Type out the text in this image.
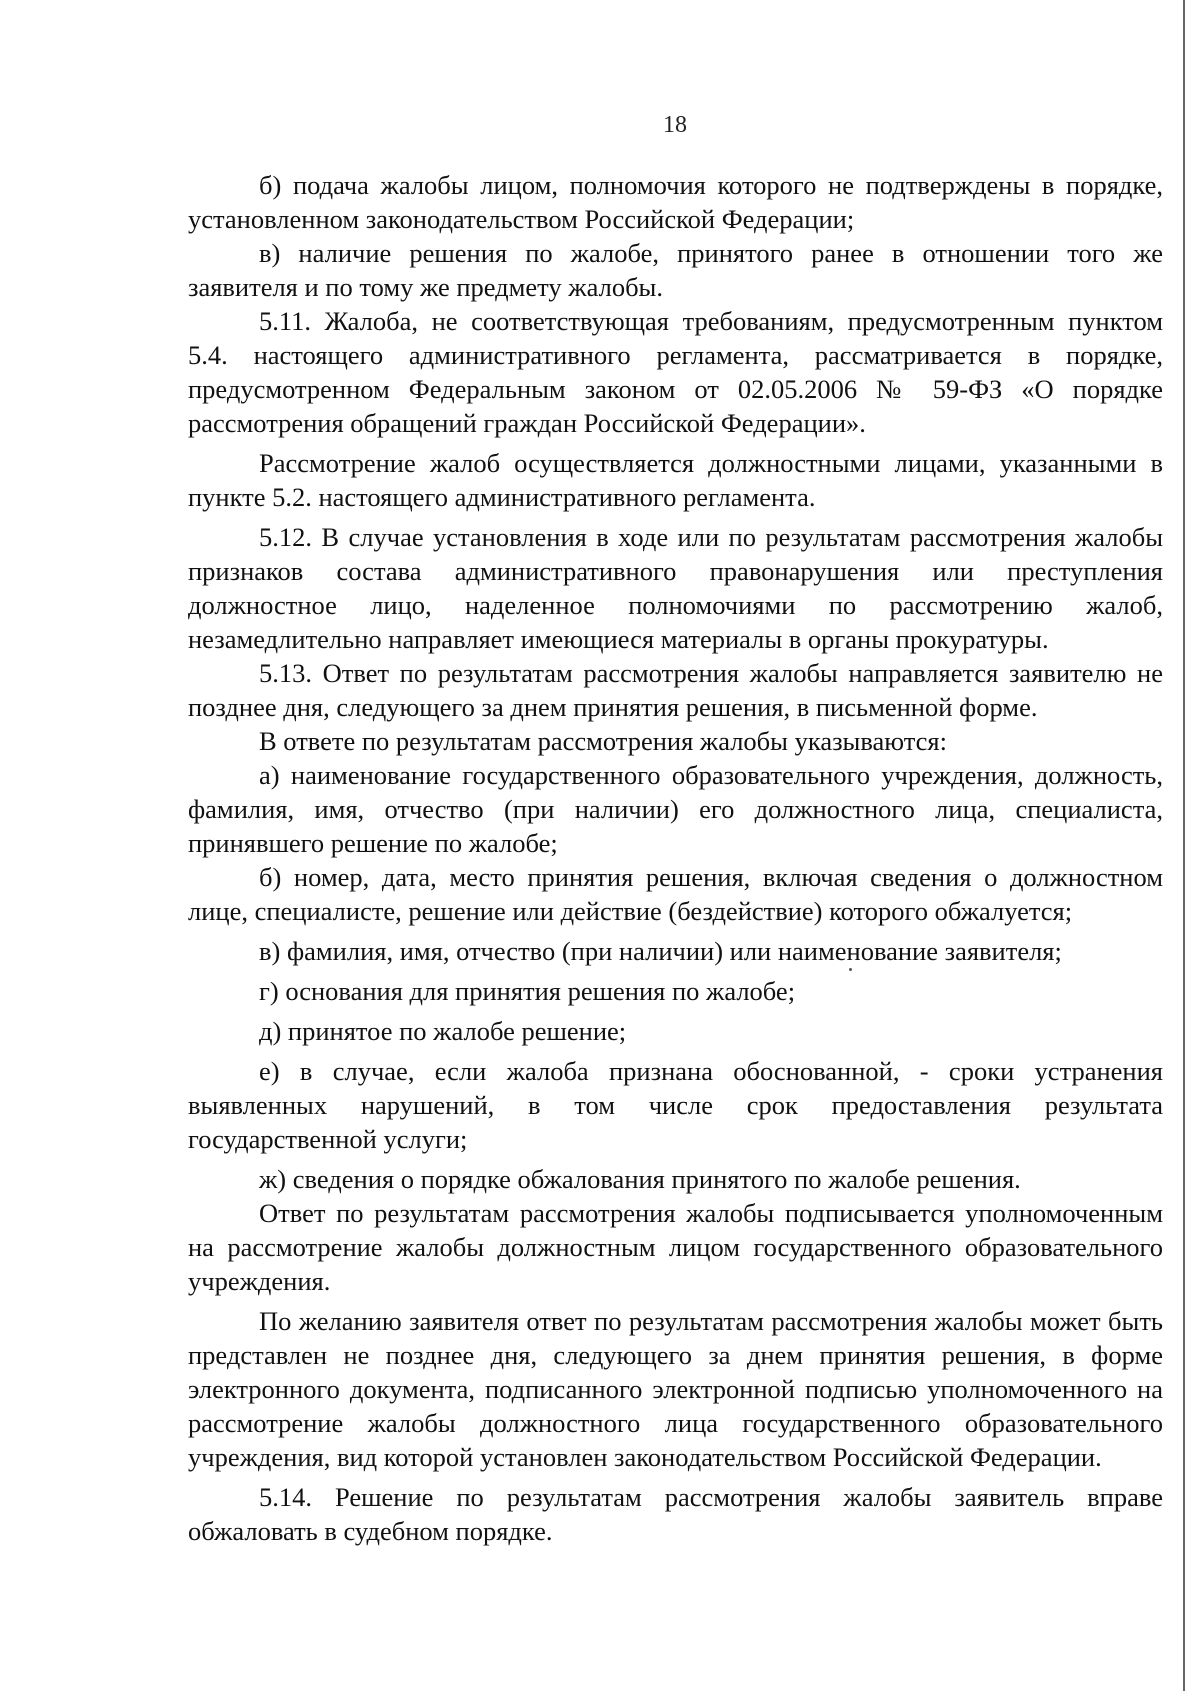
18

б) подача жалобы лицом, полномочия которого не подтверждены в порядке, установленном законодательством Российской Федерации;

в) наличие решения по жалобе, принятого ранее в отношении того же заявителя и по тому же предмету жалобы.

5.11. Жалоба, не соответствующая требованиям, предусмотренным пунктом 5.4. настоящего административного регламента, рассматривается в порядке, предусмотренном Федеральным законом от 02.05.2006 № 59-ФЗ «О порядке рассмотрения обращений граждан Российской Федерации».

Рассмотрение жалоб осуществляется должностными лицами, указанными в пункте 5.2. настоящего административного регламента.

5.12. В случае установления в ходе или по результатам рассмотрения жалобы признаков состава административного правонарушения или преступления должностное лицо, наделенное полномочиями по рассмотрению жалоб, незамедлительно направляет имеющиеся материалы в органы прокуратуры.

5.13. Ответ по результатам рассмотрения жалобы направляется заявителю не позднее дня, следующего за днем принятия решения, в письменной форме.

В ответе по результатам рассмотрения жалобы указываются:

а) наименование государственного образовательного учреждения, должность, фамилия, имя, отчество (при наличии) его должностного лица, специалиста, принявшего решение по жалобе;

б) номер, дата, место принятия решения, включая сведения о должностном лице, специалисте, решение или действие (бездействие) которого обжалуется;

в) фамилия, имя, отчество (при наличии) или наименование заявителя;

г) основания для принятия решения по жалобе;

д) принятое по жалобе решение;

е) в случае, если жалоба признана обоснованной, - сроки устранения выявленных нарушений, в том числе срок предоставления результата государственной услуги;

ж) сведения о порядке обжалования принятого по жалобе решения.

Ответ по результатам рассмотрения жалобы подписывается уполномоченным на рассмотрение жалобы должностным лицом государственного образовательного учреждения.

По желанию заявителя ответ по результатам рассмотрения жалобы может быть представлен не позднее дня, следующего за днем принятия решения, в форме электронного документа, подписанного электронной подписью уполномоченного на рассмотрение жалобы должностного лица государственного образовательного учреждения, вид которой установлен законодательством Российской Федерации.

5.14. Решение по результатам рассмотрения жалобы заявитель вправе обжаловать в судебном порядке.
